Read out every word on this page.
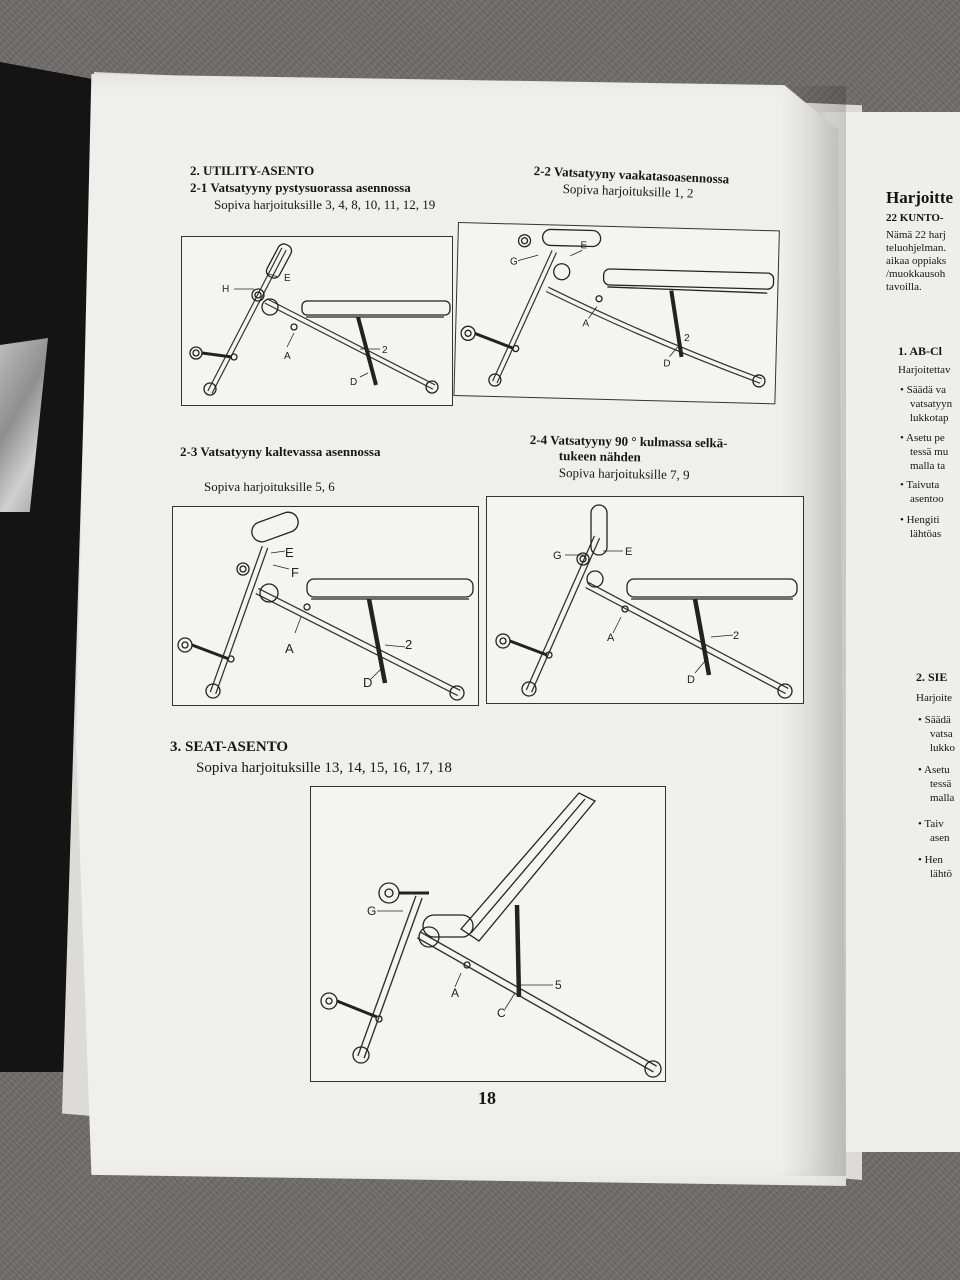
2. UTILITY-ASENTO
2-1 Vatsatyyny pystysuorassa asennossa
Sopiva harjoituksille 3, 4, 8, 10, 11, 12, 19
2-2 Vatsatyyny vaakatasoasennossa
Sopiva harjoituksille 1, 2
H
E
A
2
D
G
E
A
2
D
2-3 Vatsatyyny kaltevassa asennossa
Sopiva harjoituksille 5, 6
2-4 Vatsatyyny 90 ° kulmassa selkä-
tukeen nähden
Sopiva harjoituksille 7, 9
E
F
A	2
D
G	E
A	2
D
3. SEAT-ASENTO
Sopiva harjoituksille 13, 14, 15, 16, 17, 18
G
A
5
C
18
Harjoitte
22 KUNTO-
Nämä 22 harj
teluohjelman.
aikaa oppiaks
/muokkausoh
tavoilla.
1. AB-Cl
Harjoitettav
• Säädä va
vatsatyyn
lukkotap
• Asetu pe
tessä mu
malla ta
• Taivuta
asentoo
• Hengiti
lähtöas
2. SIE
Harjoite
• Säädä
vatsa
lukko
• Asetu
tessä
malla
• Taiv
asen
• Hen
lähtö
